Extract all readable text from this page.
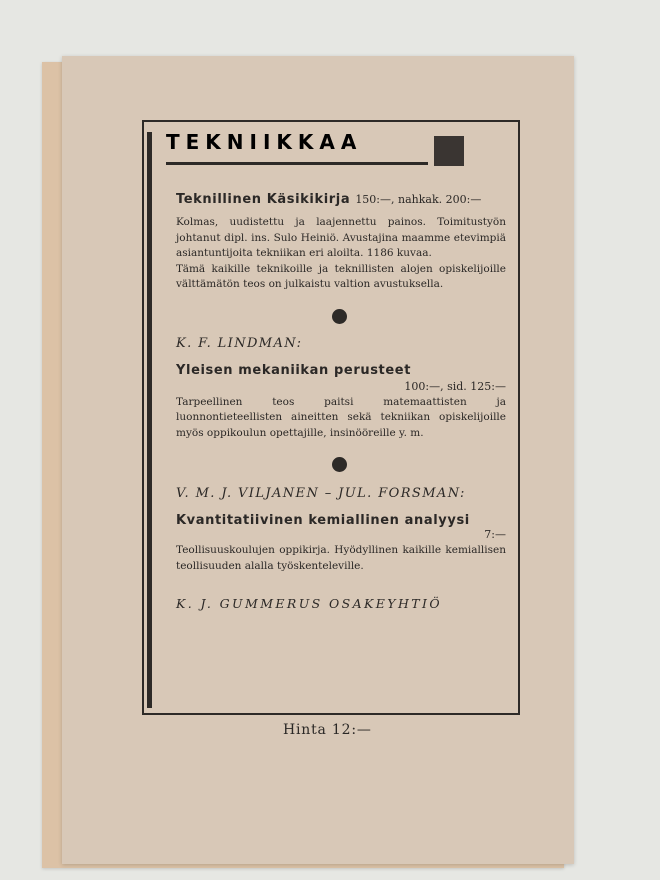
TEKNIIKKAA
Teknillinen Käsikikirja 150:—, nahkak. 200:—

Kolmas, uudistettu ja laajennettu painos. Toimitustyön johtanut dipl. ins. Sulo Heiniö. Avustajina maamme etevimpiä asiantuntijoita tekniikan eri aloilta. 1186 kuvaa.

Tämä kaikille teknikoille ja teknillisten alojen opiskelijoille välttämätön teos on julkaistu valtion avustuksella.

K. F. LINDMAN:
Yleisen mekaniikan perusteet
100:—, sid. 125:—

Tarpeellinen teos paitsi matemaattisten ja luonnontieteellisten aineitten sekä tekniikan opiskelijoille myös oppikoulun opettajille, insinööreille y. m.

V. M. J. VILJANEN – JUL. FORSMAN:
Kvantitatiivinen kemiallinen analyysi
7:—

Teollisuuskoulujen oppikirja. Hyödyllinen kaikille kemiallisen teollisuuden alalla työskenteleville.

K. J. GUMMERUS OSAKEYHTIÖ
Hinta 12:—
